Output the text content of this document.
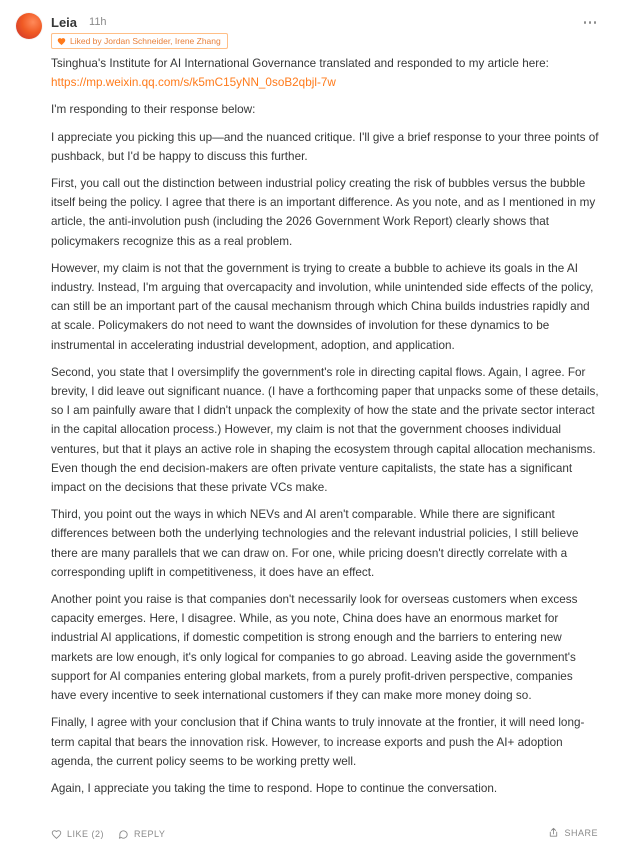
Leia 11h
Liked by Jordan Schneider, Irene Zhang

Tsinghua's Institute for AI International Governance translated and responded to my article here:
https://mp.weixin.qq.com/s/k5mC15yNN_0soB2qbjl-7w

I'm responding to their response below:

I appreciate you picking this up—and the nuanced critique. I'll give a brief response to your three points of pushback, but I'd be happy to discuss this further.

First, you call out the distinction between industrial policy creating the risk of bubbles versus the bubble itself being the policy. I agree that there is an important difference. As you note, and as I mentioned in my article, the anti-involution push (including the 2026 Government Work Report) clearly shows that policymakers recognize this as a real problem.

However, my claim is not that the government is trying to create a bubble to achieve its goals in the AI industry. Instead, I'm arguing that overcapacity and involution, while unintended side effects of the policy, can still be an important part of the causal mechanism through which China builds industries rapidly and at scale. Policymakers do not need to want the downsides of involution for these dynamics to be instrumental in accelerating industrial development, adoption, and application.

Second, you state that I oversimplify the government's role in directing capital flows. Again, I agree. For brevity, I did leave out significant nuance. (I have a forthcoming paper that unpacks some of these details, so I am painfully aware that I didn't unpack the complexity of how the state and the private sector interact in the capital allocation process.) However, my claim is not that the government chooses individual ventures, but that it plays an active role in shaping the ecosystem through capital allocation mechanisms. Even though the end decision-makers are often private venture capitalists, the state has a significant impact on the decisions that these private VCs make.

Third, you point out the ways in which NEVs and AI aren't comparable. While there are significant differences between both the underlying technologies and the relevant industrial policies, I still believe there are many parallels that we can draw on. For one, while pricing doesn't directly correlate with a corresponding uplift in competitiveness, it does have an effect.

Another point you raise is that companies don't necessarily look for overseas customers when excess capacity emerges. Here, I disagree. While, as you note, China does have an enormous market for industrial AI applications, if domestic competition is strong enough and the barriers to entering new markets are low enough, it's only logical for companies to go abroad. Leaving aside the government's support for AI companies entering global markets, from a purely profit-driven perspective, companies have every incentive to seek international customers if they can make more money doing so.

Finally, I agree with your conclusion that if China wants to truly innovate at the frontier, it will need long-term capital that bears the innovation risk. However, to increase exports and push the AI+ adoption agenda, the current policy seems to be working pretty well.

Again, I appreciate you taking the time to respond. Hope to continue the conversation.

LIKE (2)	REPLY	SHARE
